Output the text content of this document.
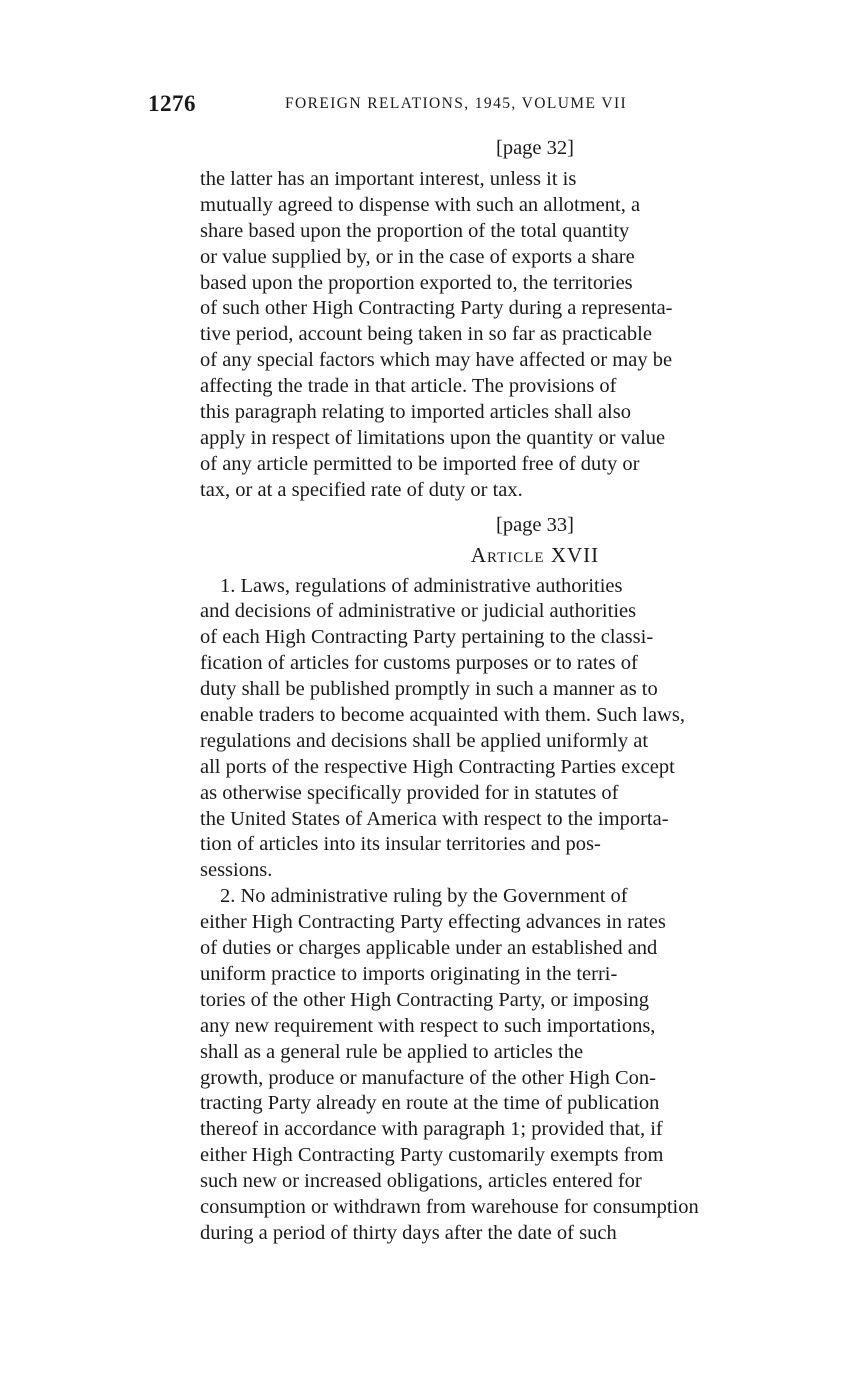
1276	FOREIGN RELATIONS, 1945, VOLUME VII
[page 32]
the latter has an important interest, unless it is
mutually agreed to dispense with such an allotment, a
share based upon the proportion of the total quantity
or value supplied by, or in the case of exports a share
based upon the proportion exported to, the territories
of such other High Contracting Party during a representa-
tive period, account being taken in so far as practicable
of any special factors which may have affected or may be
affecting the trade in that article. The provisions of
this paragraph relating to imported articles shall also
apply in respect of limitations upon the quantity or value
of any article permitted to be imported free of duty or
tax, or at a specified rate of duty or tax.
[page 33]
Article XVII
1. Laws, regulations of administrative authorities
and decisions of administrative or judicial authorities
of each High Contracting Party pertaining to the classi-
fication of articles for customs purposes or to rates of
duty shall be published promptly in such a manner as to
enable traders to become acquainted with them. Such laws,
regulations and decisions shall be applied uniformly at
all ports of the respective High Contracting Parties except
as otherwise specifically provided for in statutes of
the United States of America with respect to the importa-
tion of articles into its insular territories and pos-
sessions.
2. No administrative ruling by the Government of
either High Contracting Party effecting advances in rates
of duties or charges applicable under an established and
uniform practice to imports originating in the terri-
tories of the other High Contracting Party, or imposing
any new requirement with respect to such importations,
shall as a general rule be applied to articles the
growth, produce or manufacture of the other High Con-
tracting Party already en route at the time of publication
thereof in accordance with paragraph 1; provided that, if
either High Contracting Party customarily exempts from
such new or increased obligations, articles entered for
consumption or withdrawn from warehouse for consumption
during a period of thirty days after the date of such
